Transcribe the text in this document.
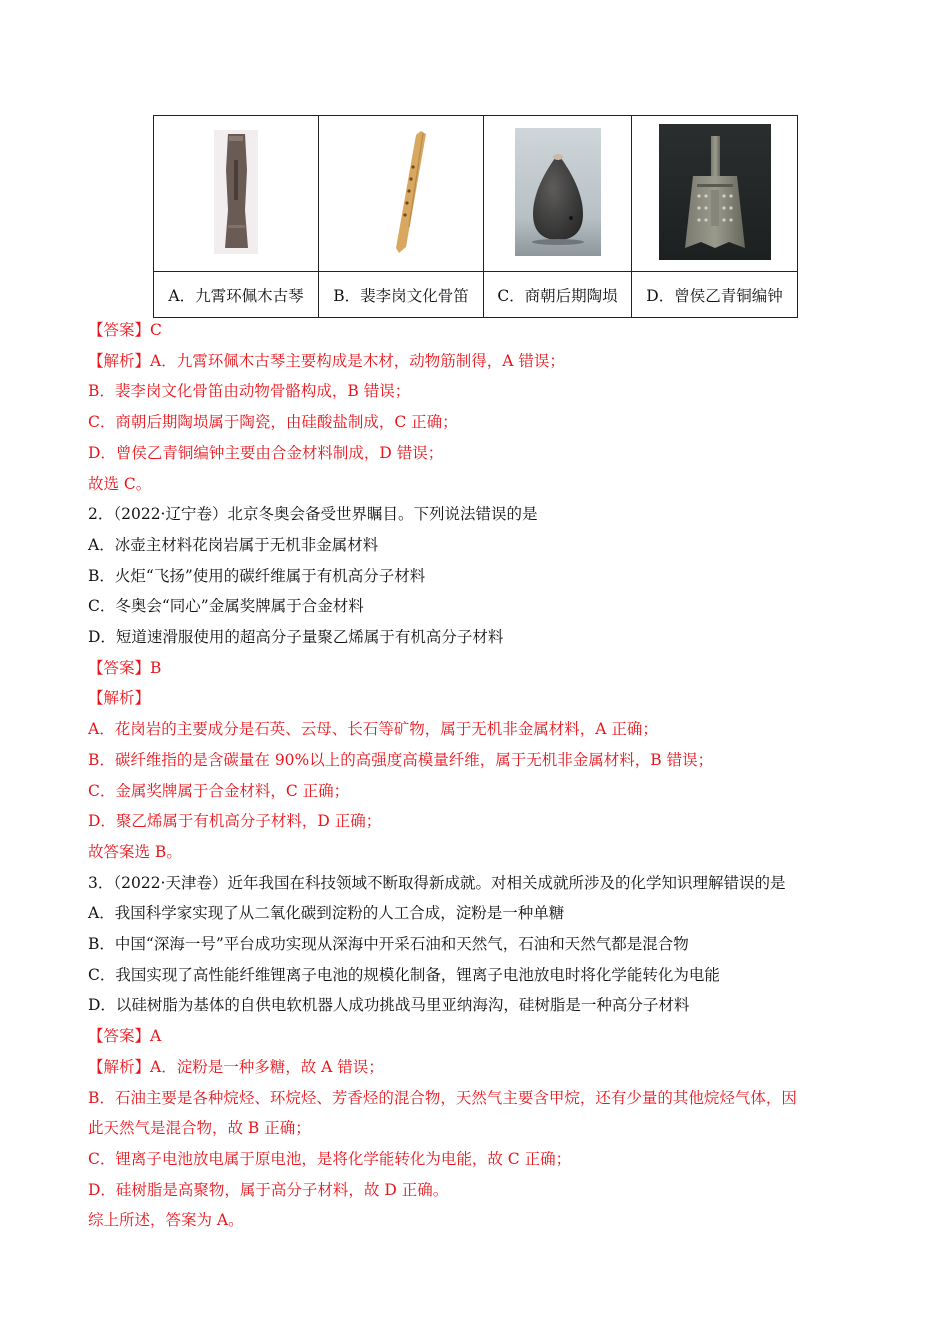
A．九霄环佩木古琴	B．裴李岗文化骨笛	C．商朝后期陶埙	D．曾侯乙青铜编钟
【答案】C
【解析】A．九霄环佩木古琴主要构成是木材，动物筋制得，A 错误；
B．裴李岗文化骨笛由动物骨骼构成，B 错误；
C．商朝后期陶埙属于陶瓷，由硅酸盐制成，C 正确；
D．曾侯乙青铜编钟主要由合金材料制成，D 错误；
故选 C。
2．（2022·辽宁卷）北京冬奥会备受世界瞩目。下列说法错误的是
A．冰壶主材料花岗岩属于无机非金属材料
B．火炬“飞扬”使用的碳纤维属于有机高分子材料
C．冬奥会“同心”金属奖牌属于合金材料
D．短道速滑服使用的超高分子量聚乙烯属于有机高分子材料
【答案】B
【解析】
A．花岗岩的主要成分是石英、云母、长石等矿物，属于无机非金属材料，A 正确；
B．碳纤维指的是含碳量在 90%以上的高强度高模量纤维，属于无机非金属材料，B 错误；
C．金属奖牌属于合金材料，C 正确；
D．聚乙烯属于有机高分子材料，D 正确；
故答案选 B。
3．（2022·天津卷）近年我国在科技领域不断取得新成就。对相关成就所涉及的化学知识理解错误的是
A．我国科学家实现了从二氧化碳到淀粉的人工合成，淀粉是一种单糖
B．中国“深海一号”平台成功实现从深海中开采石油和天然气，石油和天然气都是混合物
C．我国实现了高性能纤维锂离子电池的规模化制备，锂离子电池放电时将化学能转化为电能
D．以硅树脂为基体的自供电软机器人成功挑战马里亚纳海沟，硅树脂是一种高分子材料
【答案】A
【解析】A．淀粉是一种多糖，故 A 错误；
B．石油主要是各种烷烃、环烷烃、芳香烃的混合物，天然气主要含甲烷，还有少量的其他烷烃气体，因
此天然气是混合物，故 B 正确；
C．锂离子电池放电属于原电池，是将化学能转化为电能，故 C 正确；
D．硅树脂是高聚物，属于高分子材料，故 D 正确。
综上所述，答案为 A。
